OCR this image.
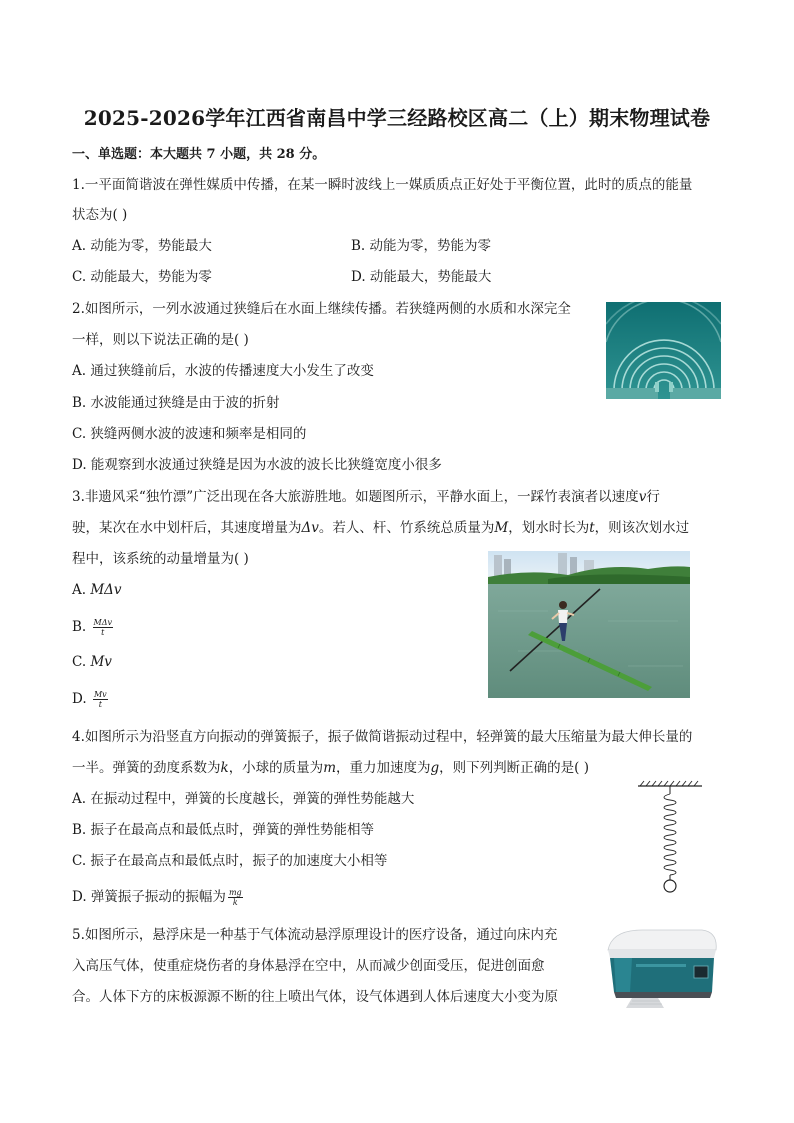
2025-2026学年江西省南昌中学三经路校区高二（上）期末物理试卷
一、单选题：本大题共 7 小题，共 28 分。
1.一平面简谐波在弹性媒质中传播，在某一瞬时波线上一媒质质点正好处于平衡位置，此时的质点的能量
状态为( )
A. 动能为零，势能最大	B. 动能为零，势能为零
C. 动能最大，势能为零	D. 动能最大，势能最大
2.如图所示，一列水波通过狭缝后在水面上继续传播。若狭缝两侧的水质和水深完全
一样，则以下说法正确的是( )
A. 通过狭缝前后，水波的传播速度大小发生了改变
B. 水波能通过狭缝是由于波的折射
C. 狭缝两侧水波的波速和频率是相同的
D. 能观察到水波通过狭缝是因为水波的波长比狭缝宽度小很多
3.非遗风采“独竹漂”广泛出现在各大旅游胜地。如题图所示，平静水面上，一踩竹表演者以速度v行
驶，某次在水中划杆后，其速度增量为Δv。若人、杆、竹系统总质量为M，划水时长为t，则该次划水过
程中，该系统的动量增量为( )
A. MΔv
B. $\frac{\text{MΔv}}{t}$
C. Mv
D. $\frac{Mv}{t}$
4.如图所示为沿竖直方向振动的弹簧振子，振子做简谐振动过程中，轻弹簧的最大压缩量为最大伸长量的
一半。弹簧的劲度系数为k，小球的质量为m，重力加速度为g，则下列判断正确的是( )
A. 在振动过程中，弹簧的长度越长，弹簧的弹性势能越大
B. 振子在最高点和最低点时，弹簧的弹性势能相等
C. 振子在最高点和最低点时，振子的加速度大小相等
D. 弹簧振子振动的振幅为 $\frac{mg}{k}$
5.如图所示，悬浮床是一种基于气体流动悬浮原理设计的医疗设备，通过向床内充
入高压气体，使重症烧伤者的身体悬浮在空中，从而减少创面受压，促进创面愈
合。人体下方的床板源源不断的往上喷出气体，设气体遇到人体后速度大小变为原
